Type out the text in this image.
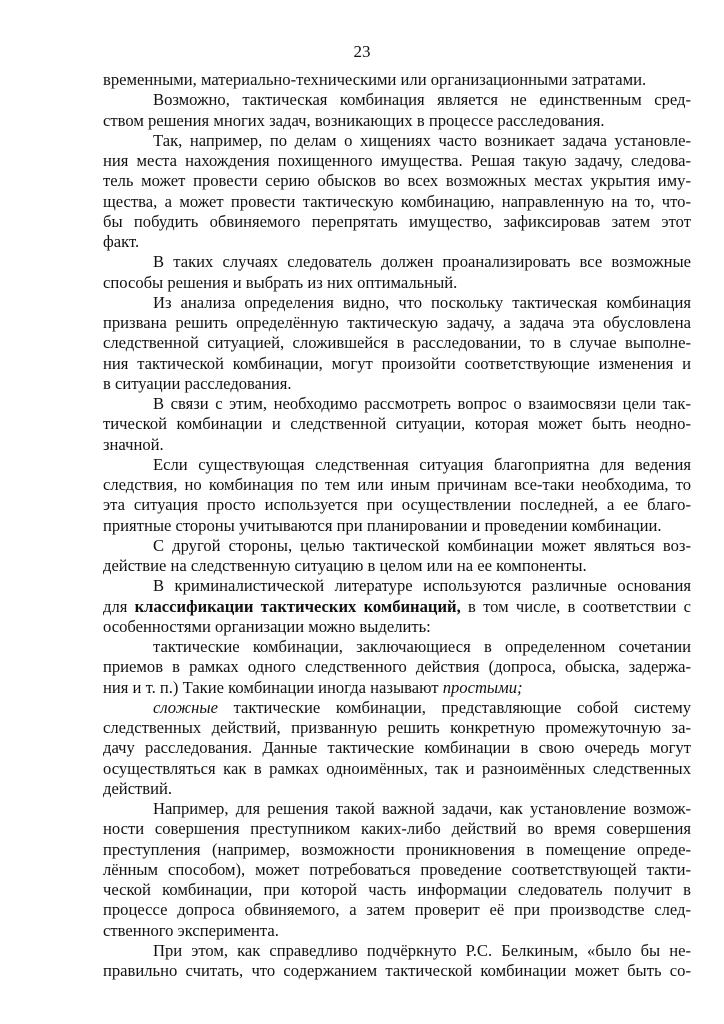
23
временными, материально-техническими или организационными затратами.
Возможно, тактическая комбинация является не единственным сред-
ством решения многих задач, возникающих в процессе расследования.
Так, например, по делам о хищениях часто возникает задача установле-
ния места нахождения похищенного имущества. Решая такую задачу, следова-
тель может провести серию обысков во всех возможных местах укрытия иму-
щества, а может провести тактическую комбинацию, направленную на то, что-
бы побудить обвиняемого перепрятать имущество, зафиксировав затем этот
факт.
В таких случаях следователь должен проанализировать все возможные
способы решения и выбрать из них оптимальный.
Из анализа определения видно, что поскольку тактическая комбинация
призвана решить определённую тактическую задачу, а задача эта обусловлена
следственной ситуацией, сложившейся в расследовании, то в случае выполне-
ния тактической комбинации, могут произойти соответствующие изменения и
в ситуации расследования.
В связи с этим, необходимо рассмотреть вопрос о взаимосвязи цели так-
тической комбинации и следственной ситуации, которая может быть неодно-
значной.
Если существующая следственная ситуация благоприятна для ведения
следствия, но комбинация по тем или иным причинам все-таки необходима, то
эта ситуация просто используется при осуществлении последней, а ее благо-
приятные стороны учитываются при планировании и проведении комбинации.
С другой стороны, целью тактической комбинации может являться воз-
действие на следственную ситуацию в целом или на ее компоненты.
В криминалистической литературе используются различные основания
для классификации тактических комбинаций, в том числе, в соответствии с
особенностями организации можно выделить:
тактические комбинации, заключающиеся в определенном сочетании
приемов в рамках одного следственного действия (допроса, обыска, задержа-
ния и т. п.) Такие комбинации иногда называют простыми;
сложные тактические комбинации, представляющие собой систему
следственных действий, призванную решить конкретную промежуточную за-
дачу расследования. Данные тактические комбинации в свою очередь могут
осуществляться как в рамках одноимённых, так и разноимённых следственных
действий.
Например, для решения такой важной задачи, как установление возмож-
ности совершения преступником каких-либо действий во время совершения
преступления (например, возможности проникновения в помещение опреде-
лённым способом), может потребоваться проведение соответствующей такти-
ческой комбинации, при которой часть информации следователь получит в
процессе допроса обвиняемого, а затем проверит её при производстве след-
ственного эксперимента.
При этом, как справедливо подчёркнуто Р.С. Белкиным, «было бы не-
правильно считать, что содержанием тактической комбинации может быть со-
